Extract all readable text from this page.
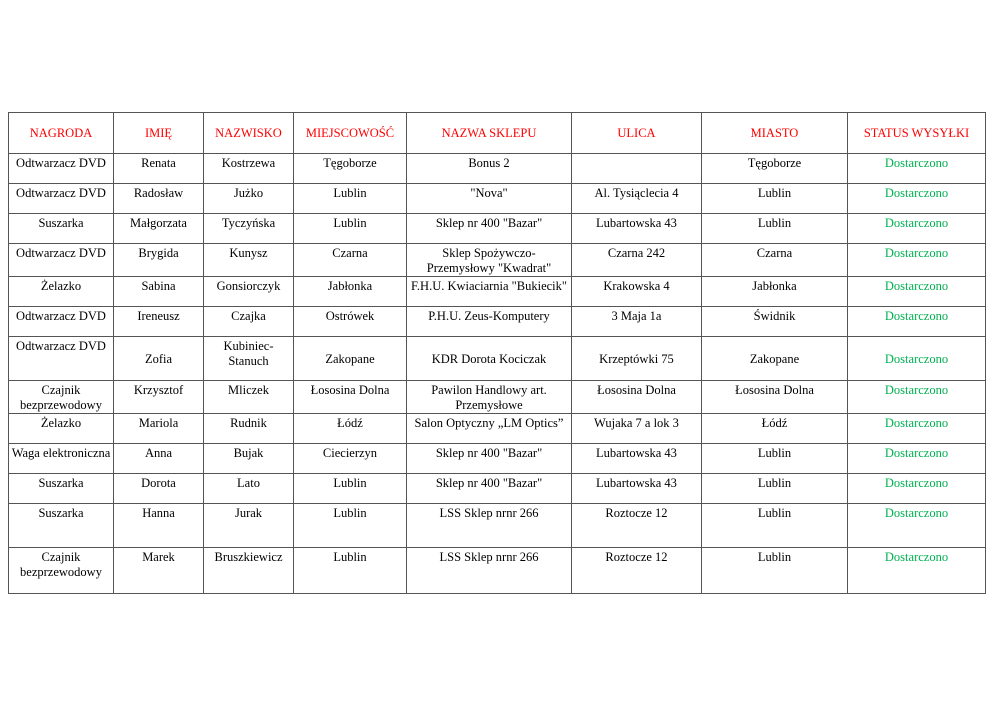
NAGRODA	IMIĘ	NAZWISKO	MIEJSCOWOŚĆ	NAZWA SKLEPU	ULICA	MIASTO	STATUS WYSYŁKI
Odtwarzacz DVD	Renata	Kostrzewa	Tęgoborze	Bonus 2		Tęgoborze	Dostarczono
Odtwarzacz DVD	Radosław	Jużko	Lublin	"Nova"	Al. Tysiąclecia 4	Lublin	Dostarczono
Suszarka	Małgorzata	Tyczyńska	Lublin	Sklep nr 400 "Bazar"	Lubartowska 43	Lublin	Dostarczono
Odtwarzacz DVD	Brygida	Kunysz	Czarna	Sklep Spożywczo-Przemysłowy "Kwadrat"	Czarna 242	Czarna	Dostarczono
Żelazko	Sabina	Gonsiorczyk	Jabłonka	F.H.U. Kwiaciarnia "Bukiecik"	Krakowska 4	Jabłonka	Dostarczono
Odtwarzacz DVD	Ireneusz	Czajka	Ostrówek	P.H.U. Zeus-Komputery	3 Maja 1a	Świdnik	Dostarczono
Odtwarzacz DVD	Zofia	Kubiniec-Stanuch	Zakopane	KDR Dorota Kociczak	Krzeptówki 75	Zakopane	Dostarczono
Czajnik bezprzewodowy	Krzysztof	Mliczek	Łososina Dolna	Pawilon Handlowy art. Przemysłowe	Łososina Dolna	Łososina Dolna	Dostarczono
Żelazko	Mariola	Rudnik	Łódź	Salon Optyczny „LM Optics”	Wujaka 7 a lok 3	Łódź	Dostarczono
Waga elektroniczna	Anna	Bujak	Ciecierzyn	Sklep nr 400 "Bazar"	Lubartowska 43	Lublin	Dostarczono
Suszarka	Dorota	Lato	Lublin	Sklep nr 400 "Bazar"	Lubartowska 43	Lublin	Dostarczono
Suszarka	Hanna	Jurak	Lublin	LSS Sklep nrnr 266	Roztocze 12	Lublin	Dostarczono
Czajnik bezprzewodowy	Marek	Bruszkiewicz	Lublin	LSS Sklep nrnr 266	Roztocze 12	Lublin	Dostarczono
